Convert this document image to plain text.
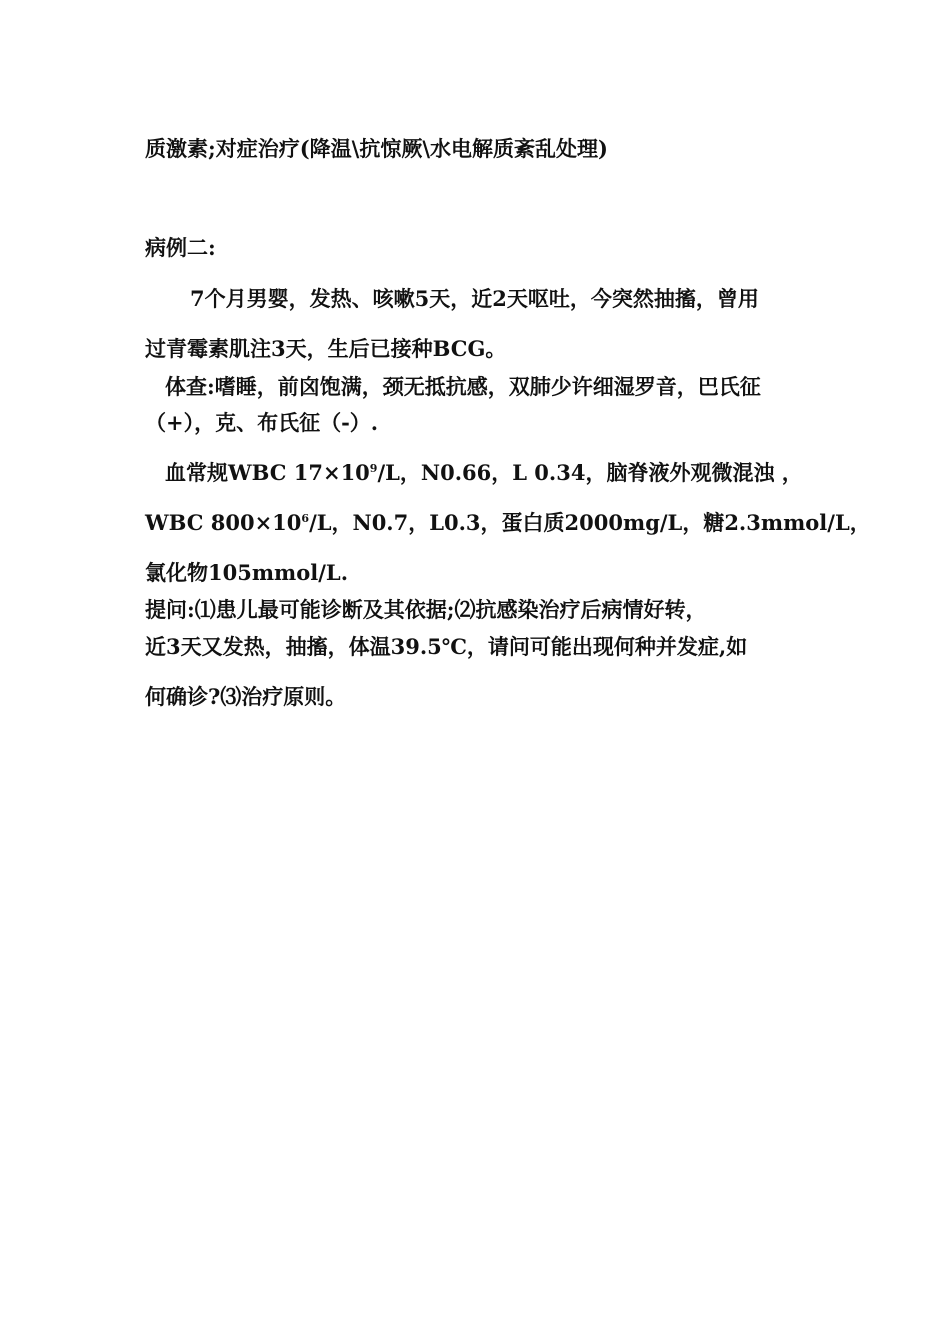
质激素;对症治疗(降温\抗惊厥\水电解质紊乱处理)
病例二:
7个月男婴，发热、咳嗽5天，近2天呕吐，今突然抽搐，曾用
过青霉素肌注3天，生后已接种BCG。
体查:嗜睡，前囟饱满，颈无抵抗感，双肺少许细湿罗音，巴氏征
（+），克、布氏征（-）.
血常规WBC $17\times 10^9/L$，N0.66，L 0.34，脑脊液外观微混浊 ，
WBC $800\times 10^6/L$，N0.7，L0.3，蛋白质2000mg/L，糖2.3mmol/L，
氯化物105mmol/L.
提问:⑴患儿最可能诊断及其依据;⑵抗感染治疗后病情好转，
近3天又发热，抽搐，体温39.5℃，请问可能出现何种并发症,如
何确诊?⑶治疗原则。
